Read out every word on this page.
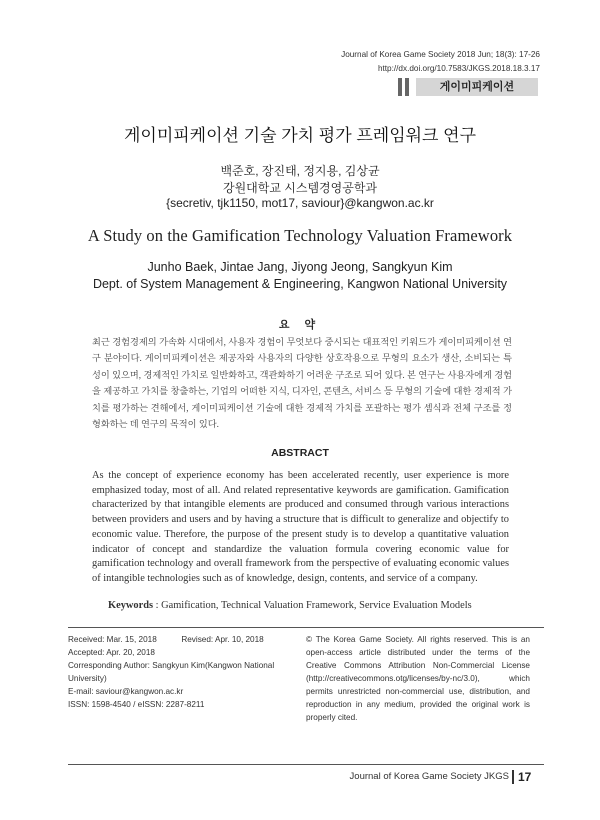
Journal of Korea Game Society 2018 Jun; 18(3): 17-26
http://dx.doi.org/10.7583/JKGS.2018.18.3.17
게이미피케이션
게이미피케이션 기술 가치 평가 프레임워크 연구
백준호, 장진태, 정지용, 김상균
강원대학교 시스템경영공학과
{secretiv, tjk1150, mot17, saviour}@kangwon.ac.kr
A Study on the Gamification Technology Valuation Framework
Junho Baek, Jintae Jang, Jiyong Jeong, Sangkyun Kim
Dept. of System Management & Engineering, Kangwon National University
요 약
최근 경험경제의 가속화 시대에서, 사용자 경험이 무엇보다 중시되는 대표적인 키워드가 게이미피케이션 연구 분야이다. 게이미피케이션은 제공자와 사용자의 다양한 상호작용으로 무형의 요소가 생산, 소비되는 특성이 있으며, 경제적인 가치로 일반화하고, 객관화하기 어려운 구조로 되어 있다. 본 연구는 사용자에게 경험을 제공하고 가치를 창출하는, 기업의 어떠한 지식, 디자인, 콘텐츠, 서비스 등 무형의 기술에 대한 경제적 가치를 평가하는 견해에서, 게이미피케이션 기술에 대한 경제적 가치를 포괄하는 평가 셈식과 전체 구조를 정형화하는 데 연구의 목적이 있다.
ABSTRACT
As the concept of experience economy has been accelerated recently, user experience is more emphasized today, most of all. And related representative keywords are gamification. Gamification characterized by that intangible elements are produced and consumed through various interactions between providers and users and by having a structure that is difficult to generalize and objectify to economic value. Therefore, the purpose of the present study is to develop a quantitative valuation indicator of concept and standardize the valuation formula covering economic value for gamification technology and overall framework from the perspective of evaluating economic values of intangible technologies such as of knowledge, design, contents, and service of a company.
Keywords : Gamification, Technical Valuation Framework, Service Evaluation Models
Received: Mar. 15, 2018	Revised: Apr. 10, 2018
Accepted: Apr. 20, 2018
Corresponding Author: Sangkyun Kim(Kangwon National
University)
E-mail: saviour@kangwon.ac.kr
ISSN: 1598-4540 / eISSN: 2287-8211
© The Korea Game Society. All rights reserved. This is an open-access article distributed under the terms of the Creative Commons Attribution Non-Commercial License (http://creativecommons.otg/licenses/by-nc/3.0), which permits unrestricted non-commercial use, distribution, and reproduction in any medium, provided the original work is properly cited.
Journal of Korea Game Society JKGS 17
